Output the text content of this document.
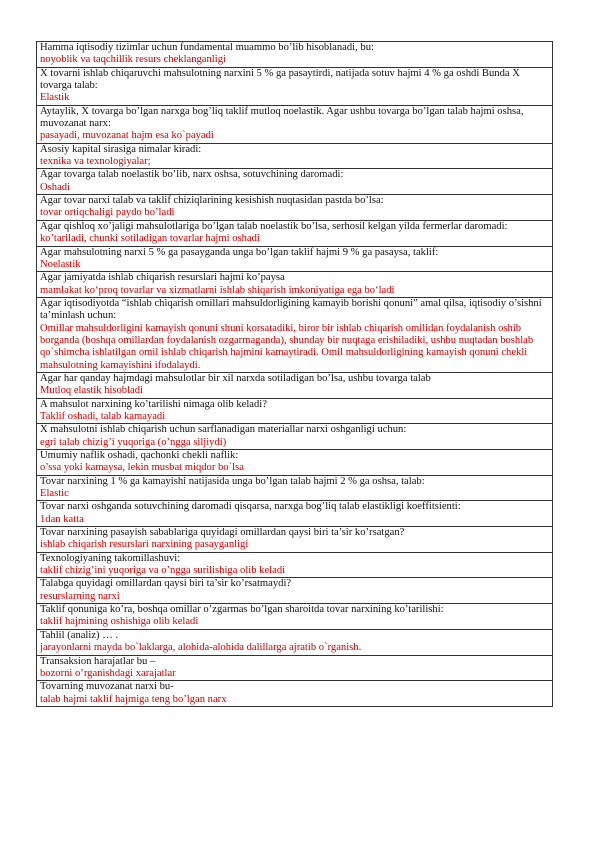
Hamma iqtisodiy tizimlar uchun fundamental muammo bo’lib hisoblanadi, bu:
noyoblik va taqchillik resurs cheklanganligi

X tovarni ishlab chiqaruvchi mahsulotning narxini 5 % ga pasaytirdi, natijada sotuv hajmi 4 % ga oshdi Bunda X tovarga talab:
Elastik

Aytaylik, X tovarga bo’lgan narxga bog’liq taklif mutloq noelastik. Agar ushbu tovarga bo’lgan talab hajmi oshsa, muvozanat narx:
pasayadi, muvozanat hajm esa ko`payadi

Asosiy kapital sirasiga nimalar kiradi:
texnika va texnologiyalar;

Agar tovarga talab noelastik bo’lib, narx oshsa, sotuvchining daromadi:
Oshadi

Agar tovar narxi talab va taklif chiziqlarining kesishish nuqtasidan pastda bo’lsa:
tovar ortiqchaligi paydo bo’ladi

Agar qishloq xo’jaligi mahsulotlariga bo’lgan talab noelastik bo’lsa, serhosil kelgan yilda fermerlar daromadi:
ko’tariladi, chunki sotiladigan tovarlar hajmi oshadi

Agar mahsulotning narxi 5 % ga pasayganda unga bo’lgan taklif hajmi 9 % ga pasaysa, taklif:
Noelastik

Agar jamiyatda ishlab chiqarish resurslari hajmi ko’paysa
mamlakat ko‘proq tovarlar va xizmatlarni ishlab shiqarish imkoniyatiga ega bo‘ladi

Agar iqtisodiyotda “ishlab chiqarish omillari mahsuldorligining kamayib borishi qonuni” amal qilsa, iqtisodiy o’sishni ta’minlash uchun:
Omillar mahsuldorligini kamayish qonuni shuni korsatadiki, biror bir ishlab chiqarish omilidan foydalanish oshib borganda (boshqa omillardan foydalanish ozgarmaganda), shunday bir nuqtaga erishiladiki, ushbu nuqtadan boshlab qo`shimcha ishlatilgan omil ishlab chiqarish hajmini kamaytiradi. Omil mahsuldorligining kamayish qonuni chekli mahsulotning kamayishini ifodalaydi.

Agar har qanday hajmdagi mahsulotlar bir xil narxda sotiladigan bo’lsa, ushbu tovarga talab
Mutloq elastik hisobladi

A mahsulot narxining ko’tarilishi nimaga olib keladi?
Taklif oshadi, talab kamayadi

X mahsulotni ishlab chiqarish uchun sarflanadigan materiallar narxi oshganligi uchun:
egri talab chizig’i yuqoriga (o’ngga siljiydi)

Umumiy naflik oshadi, qachonki chekli naflik:
o’ssa yoki kamaysa, lekin musbat miqdor bo`lsa

Tovar narxining 1 % ga kamayishi natijasida unga bo’lgan talab hajmi 2 % ga oshsa, talab:
Elastic

Tovar narxi oshganda sotuvchining daromadi qisqarsa, narxga bog’liq talab elastikligi koeffitsienti:
1dan katta

Tovar narxining pasayish sabablariga quyidagi omillardan qaysi biri ta’sir ko’rsatgan?
ishlab chiqarish resurslari narxining pasayganligi

Texnologiyaning takomillashuvi:
taklif chizig’ini yuqoriga va o’ngga surilishiga olib keladi

Talabga quyidagi omillardan qaysi biri ta’sir ko’rsatmaydi?
resurslarning narxi

Taklif qonuniga ko’ra, boshqa omillar o’zgarmas bo’lgan sharoitda tovar narxining ko’tarilishi:
taklif hajmining oshishiga olib keladi

Tahlil (analiz) … .
jarayonlarni mayda bo`laklarga, alohida-alohida dalillarga ajratib o`rganish.

Transaksion harajatlar bu –
bozorni o’rganishdagi xarajatlar

Tovarning muvozanat narxi bu-
talab hajmi taklif hajmiga teng bo’lgan narx
